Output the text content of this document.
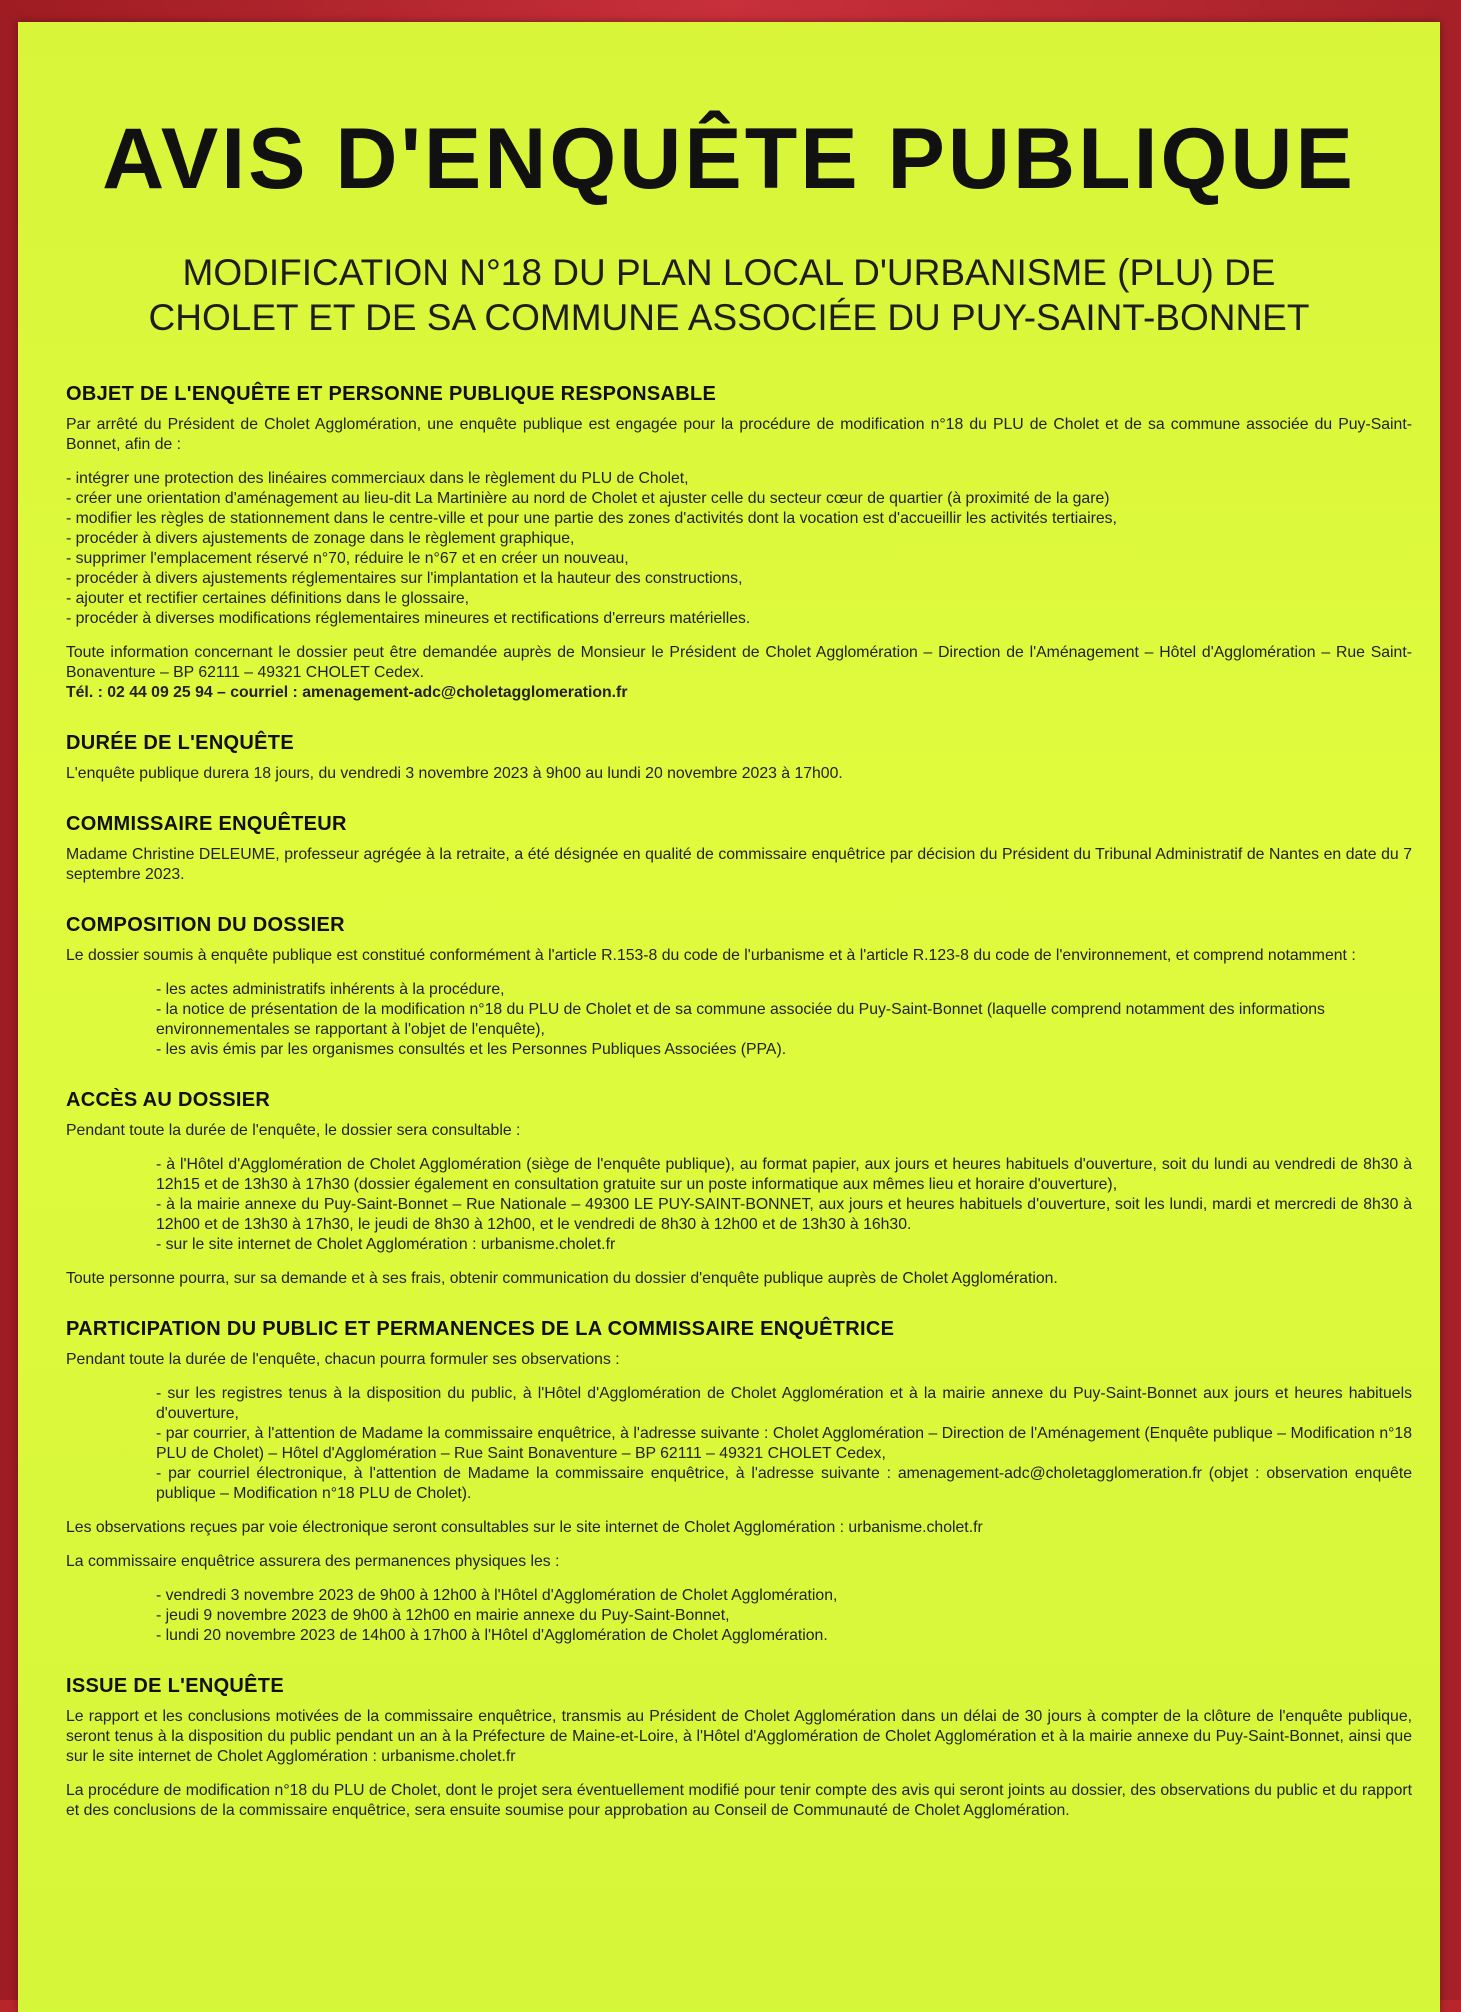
AVIS D'ENQUÊTE PUBLIQUE
MODIFICATION N°18 DU PLAN LOCAL D'URBANISME (PLU) DE
CHOLET ET DE SA COMMUNE ASSOCIÉE DU PUY-SAINT-BONNET
OBJET DE L'ENQUÊTE ET PERSONNE PUBLIQUE RESPONSABLE

Par arrêté du Président de Cholet Agglomération, une enquête publique est engagée pour la procédure de modification n°18 du PLU de Cholet et de sa commune associée du Puy-Saint-Bonnet, afin de :

- intégrer une protection des linéaires commerciaux dans le règlement du PLU de Cholet,
- créer une orientation d'aménagement au lieu-dit La Martinière au nord de Cholet et ajuster celle du secteur cœur de quartier (à proximité de la gare)
- modifier les règles de stationnement dans le centre-ville et pour une partie des zones d'activités dont la vocation est d'accueillir les activités tertiaires,
- procéder à divers ajustements de zonage dans le règlement graphique,
- supprimer l'emplacement réservé n°70, réduire le n°67 et en créer un nouveau,
- procéder à divers ajustements réglementaires sur l'implantation et la hauteur des constructions,
- ajouter et rectifier certaines définitions dans le glossaire,
- procéder à diverses modifications réglementaires mineures et rectifications d'erreurs matérielles.

Toute information concernant le dossier peut être demandée auprès de Monsieur le Président de Cholet Agglomération – Direction de l'Aménagement – Hôtel d'Agglomération – Rue Saint-Bonaventure – BP 62111 – 49321 CHOLET Cedex.

Tél. : 02 44 09 25 94 – courriel : amenagement-adc@choletagglomeration.fr

DURÉE DE L'ENQUÊTE

L'enquête publique durera 18 jours, du vendredi 3 novembre 2023 à 9h00 au lundi 20 novembre 2023 à 17h00.

COMMISSAIRE ENQUÊTEUR

Madame Christine DELEUME, professeur agrégée à la retraite, a été désignée en qualité de commissaire enquêtrice par décision du Président du Tribunal Administratif de Nantes en date du 7 septembre 2023.

COMPOSITION DU DOSSIER

Le dossier soumis à enquête publique est constitué conformément à l'article R.153-8 du code de l'urbanisme et à l'article R.123-8 du code de l'environnement, et comprend notamment :

- les actes administratifs inhérents à la procédure,
- la notice de présentation de la modification n°18 du PLU de Cholet et de sa commune associée du Puy-Saint-Bonnet (laquelle comprend notamment des informations environnementales se rapportant à l'objet de l'enquête),
- les avis émis par les organismes consultés et les Personnes Publiques Associées (PPA).
ACCÈS AU DOSSIER

Pendant toute la durée de l'enquête, le dossier sera consultable :

- à l'Hôtel d'Agglomération de Cholet Agglomération (siège de l'enquête publique), au format papier, aux jours et heures habituels d'ouverture, soit du lundi au vendredi de 8h30 à 12h15 et de 13h30 à 17h30 (dossier également en consultation gratuite sur un poste informatique aux mêmes lieu et horaire d'ouverture),
- à la mairie annexe du Puy-Saint-Bonnet – Rue Nationale – 49300 LE PUY-SAINT-BONNET, aux jours et heures habituels d'ouverture, soit les lundi, mardi et mercredi de 8h30 à 12h00 et de 13h30 à 17h30, le jeudi de 8h30 à 12h00, et le vendredi de 8h30 à 12h00 et de 13h30 à 16h30.
- sur le site internet de Cholet Agglomération : urbanisme.cholet.fr

Toute personne pourra, sur sa demande et à ses frais, obtenir communication du dossier d'enquête publique auprès de Cholet Agglomération.

PARTICIPATION DU PUBLIC ET PERMANENCES DE LA COMMISSAIRE ENQUÊTRICE

Pendant toute la durée de l'enquête, chacun pourra formuler ses observations :

- sur les registres tenus à la disposition du public, à l'Hôtel d'Agglomération de Cholet Agglomération et à la mairie annexe du Puy-Saint-Bonnet aux jours et heures habituels d'ouverture,
- par courrier, à l'attention de Madame la commissaire enquêtrice, à l'adresse suivante : Cholet Agglomération – Direction de l'Aménagement (Enquête publique – Modification n°18 PLU de Cholet) – Hôtel d'Agglomération – Rue Saint Bonaventure – BP 62111 – 49321 CHOLET Cedex,
- par courriel électronique, à l'attention de Madame la commissaire enquêtrice, à l'adresse suivante : amenagement-adc@choletagglomeration.fr (objet : observation enquête publique – Modification n°18 PLU de Cholet).

Les observations reçues par voie électronique seront consultables sur le site internet de Cholet Agglomération : urbanisme.cholet.fr

La commissaire enquêtrice assurera des permanences physiques les :

- vendredi 3 novembre 2023 de 9h00 à 12h00 à l'Hôtel d'Agglomération de Cholet Agglomération,
- jeudi 9 novembre 2023 de 9h00 à 12h00 en mairie annexe du Puy-Saint-Bonnet,
- lundi 20 novembre 2023 de 14h00 à 17h00 à l'Hôtel d'Agglomération de Cholet Agglomération.
ISSUE DE L'ENQUÊTE

Le rapport et les conclusions motivées de la commissaire enquêtrice, transmis au Président de Cholet Agglomération dans un délai de 30 jours à compter de la clôture de l'enquête publique, seront tenus à la disposition du public pendant un an à la Préfecture de Maine-et-Loire, à l'Hôtel d'Agglomération de Cholet Agglomération et à la mairie annexe du Puy-Saint-Bonnet, ainsi que sur le site internet de Cholet Agglomération : urbanisme.cholet.fr

La procédure de modification n°18 du PLU de Cholet, dont le projet sera éventuellement modifié pour tenir compte des avis qui seront joints au dossier, des observations du public et du rapport et des conclusions de la commissaire enquêtrice, sera ensuite soumise pour approbation au Conseil de Communauté de Cholet Agglomération.
